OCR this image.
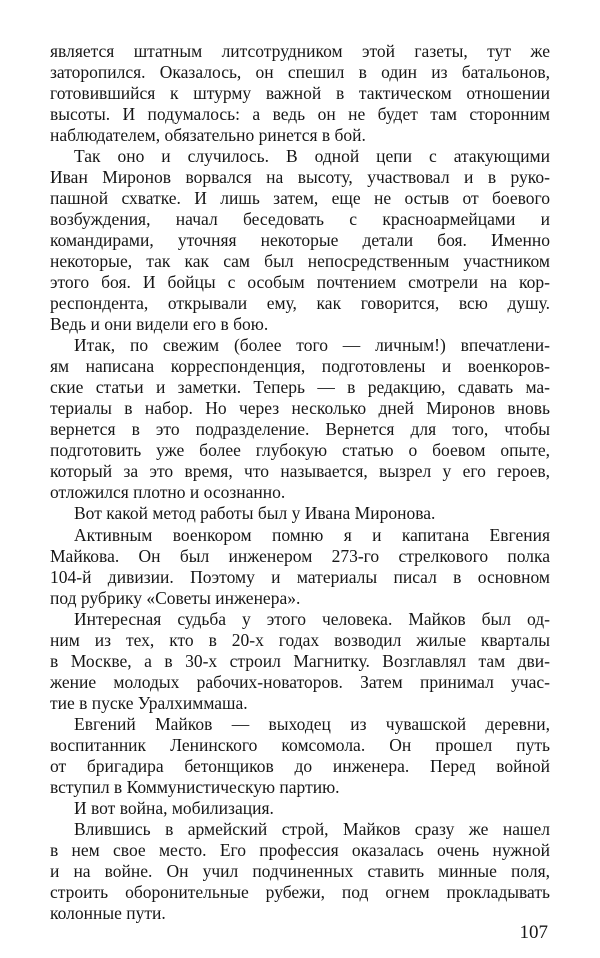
107
является штатным литсотрудником этой газеты, тут же
заторопился. Оказалось, он спешил в один из батальонов,
готовившийся к штурму важной в тактическом отношении
высоты. И подумалось: а ведь он не будет там сторонним
наблюдателем, обязательно ринется в бой.
Так оно и случилось. В одной цепи с атакующими
Иван Миронов ворвался на высоту, участвовал и в руко-
пашной схватке. И лишь затем, еще не остыв от боевого
возбуждения, начал беседовать с красноармейцами и
командирами, уточняя некоторые детали боя. Именно
некоторые, так как сам был непосредственным участником
этого боя. И бойцы с особым почтением смотрели на кор-
респондента, открывали ему, как говорится, всю душу.
Ведь и они видели его в бою.
Итак, по свежим (более того — личным!) впечатлени-
ям написана корреспонденция, подготовлены и военкоров-
ские статьи и заметки. Теперь — в редакцию, сдавать ма-
териалы в набор. Но через несколько дней Миронов вновь
вернется в это подразделение. Вернется для того, чтобы
подготовить уже более глубокую статью о боевом опыте,
который за это время, что называется, вызрел у его героев,
отложился плотно и осознанно.
Вот какой метод работы был у Ивана Миронова.
Активным военкором помню я и капитана Евгения
Майкова. Он был инженером 273-го стрелкового полка
104-й дивизии. Поэтому и материалы писал в основном
под рубрику «Советы инженера».
Интересная судьба у этого человека. Майков был од-
ним из тех, кто в 20-х годах возводил жилые кварталы
в Москве, а в 30-х строил Магнитку. Возглавлял там дви-
жение молодых рабочих-новаторов. Затем принимал учас-
тие в пуске Уралхиммаша.
Евгений Майков — выходец из чувашской деревни,
воспитанник Ленинского комсомола. Он прошел путь
от бригадира бетонщиков до инженера. Перед войной
вступил в Коммунистическую партию.
И вот война, мобилизация.
Влившись в армейский строй, Майков сразу же нашел
в нем свое место. Его профессия оказалась очень нужной
и на войне. Он учил подчиненных ставить минные поля,
строить оборонительные рубежи, под огнем прокладывать
колонные пути.
